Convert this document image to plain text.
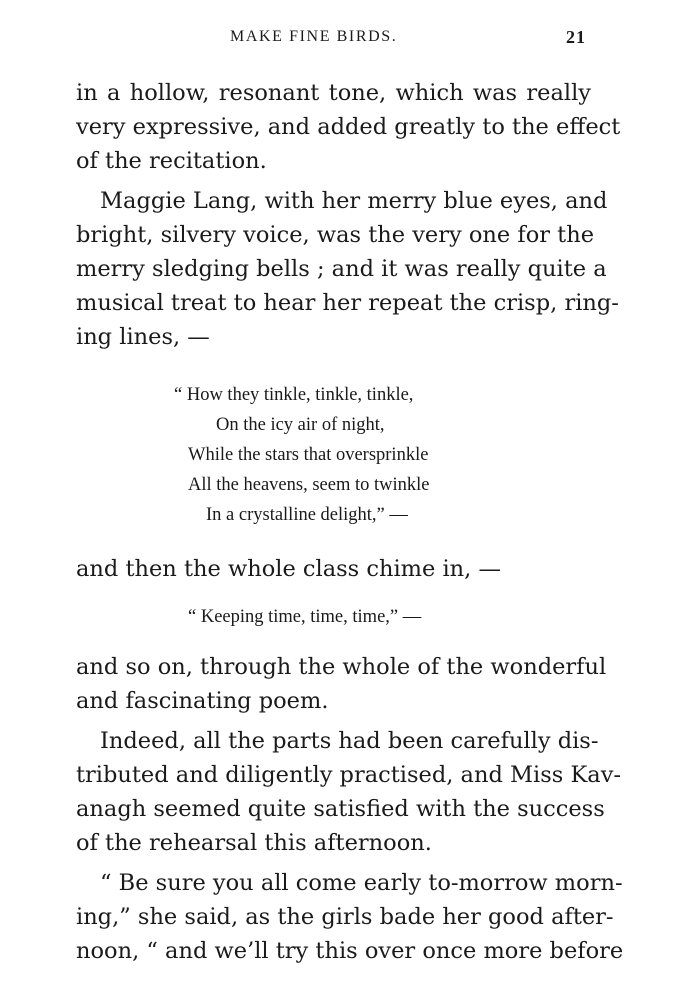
MAKE FINE BIRDS.	21
in a hollow, resonant tone, which was really
very expressive, and added greatly to the effect
of the recitation.
Maggie Lang, with her merry blue eyes, and
bright, silvery voice, was the very one for the
merry sledging bells ; and it was really quite a
musical treat to hear her repeat the crisp, ring-
ing lines, —
“ How they tinkle, tinkle, tinkle,
On the icy air of night,
While the stars that oversprinkle
All the heavens, seem to twinkle
In a crystalline delight,” —
and then the whole class chime in, —
“ Keeping time, time, time,” —
and so on, through the whole of the wonderful
and fascinating poem.
Indeed, all the parts had been carefully dis-
tributed and diligently practised, and Miss Kav-
anagh seemed quite satisfied with the success
of the rehearsal this afternoon.
“ Be sure you all come early to-morrow morn-
ing,” she said, as the girls bade her good after-
noon, “ and we’ll try this over once more before
